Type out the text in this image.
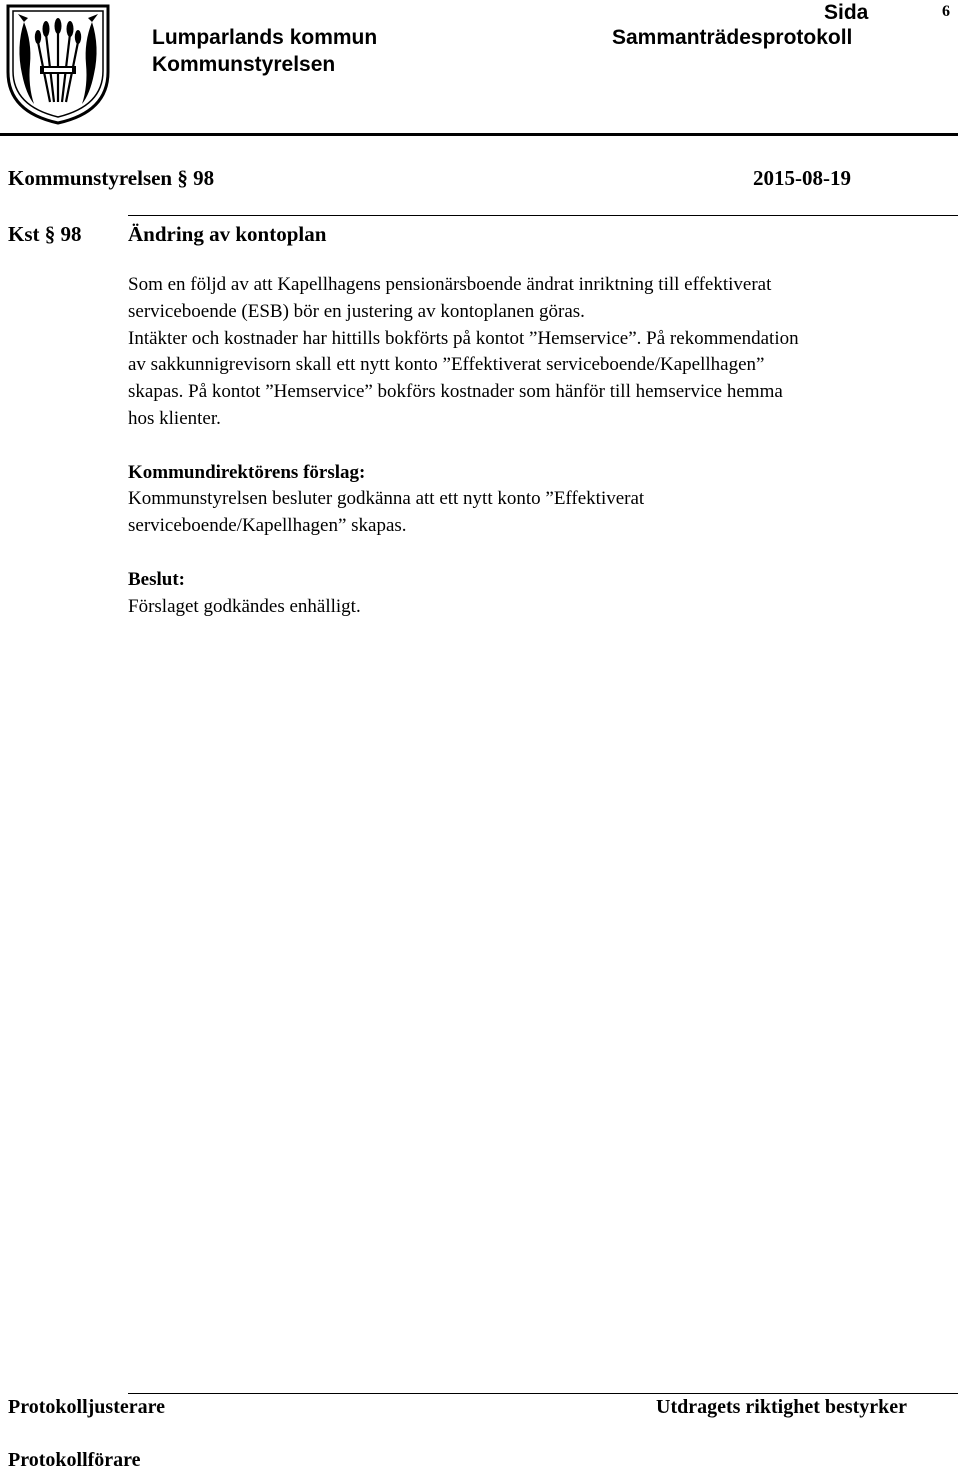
Lumparlands kommun
Kommunstyrelsen
Sida
Sammanträdesprotokoll
6
Kommunstyrelsen § 98	2015-08-19
Kst § 98 Ändring av kontoplan
Som en följd av att Kapellhagens pensionärsboende ändrat inriktning till effektiverat
serviceboende (ESB) bör en justering av kontoplanen göras.
Intäkter och kostnader har hittills bokförts på kontot ”Hemservice”. På rekommendation
av sakkunnigrevisorn skall ett nytt konto ”Effektiverat serviceboende/Kapellhagen”
skapas. På kontot ”Hemservice” bokförs kostnader som hänför till hemservice hemma
hos klienter.
Kommundirektörens förslag:
Kommunstyrelsen besluter godkänna att ett nytt konto ”Effektiverat
serviceboende/Kapellhagen” skapas.
Beslut:
Förslaget godkändes enhälligt.
Protokolljusterare	Utdragets riktighet bestyrker
Protokollförare
